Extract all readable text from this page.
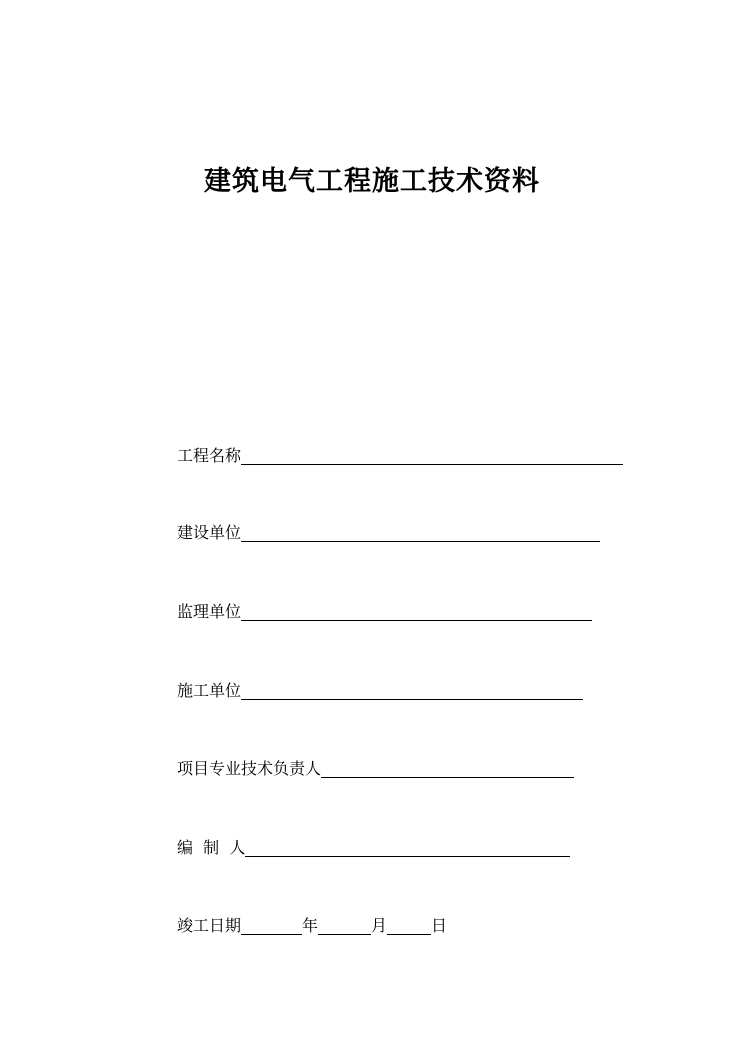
建筑电气工程施工技术资料
工程名称
建设单位
监理单位
施工单位
项目专业技术负责人
编  制  人
竣工日期	年	月	日
